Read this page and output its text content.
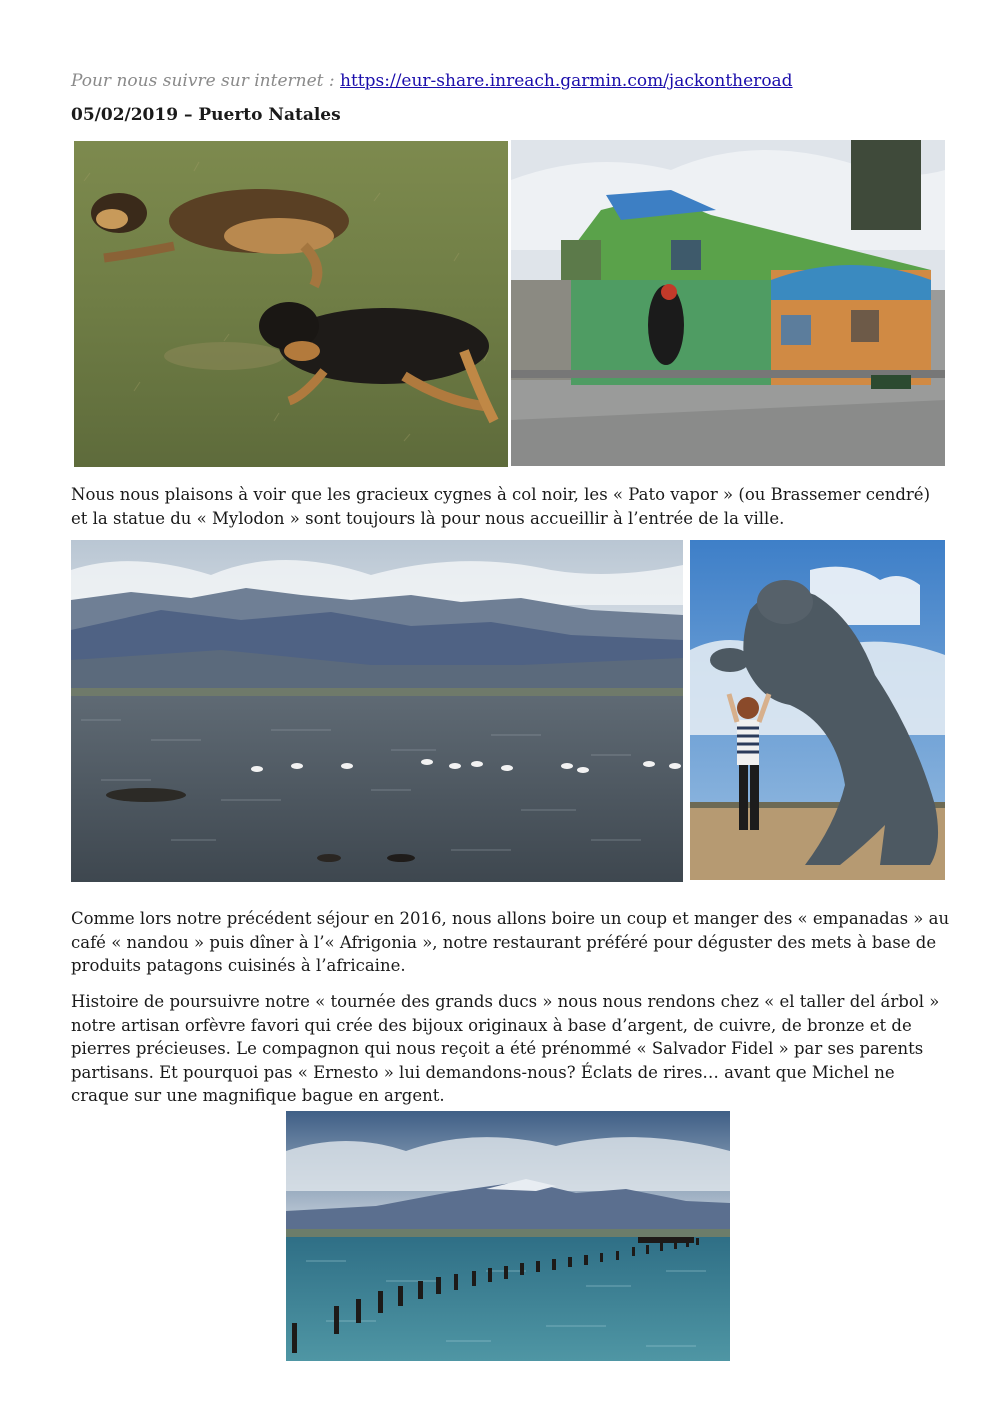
Pour nous suivre sur internet : https://eur-share.inreach.garmin.com/jackontheroad
05/02/2019 – Puerto Natales

Nous nous plaisons à voir que les gracieux cygnes à col noir, les « Pato vapor » (ou Brassemer cendré) et la statue du « Mylodon » sont toujours là pour nous accueillir à l’entrée de la ville.

Comme lors notre précédent séjour en 2016, nous allons boire un coup et manger des « empanadas » au café « nandou » puis dîner à l’« Afrigonia », notre restaurant préféré pour déguster des mets à base de produits patagons cuisinés à l’africaine.

Histoire de poursuivre notre « tournée des grands ducs » nous nous rendons chez « el taller del árbol » notre artisan orfèvre favori qui crée des bijoux originaux à base d’argent, de cuivre, de bronze et de pierres précieuses. Le compagnon qui nous reçoit a été prénommé « Salvador Fidel » par ses parents partisans. Et pourquoi pas « Ernesto » lui demandons-nous? Éclats de rires… avant que Michel ne craque sur une magnifique bague en argent.
